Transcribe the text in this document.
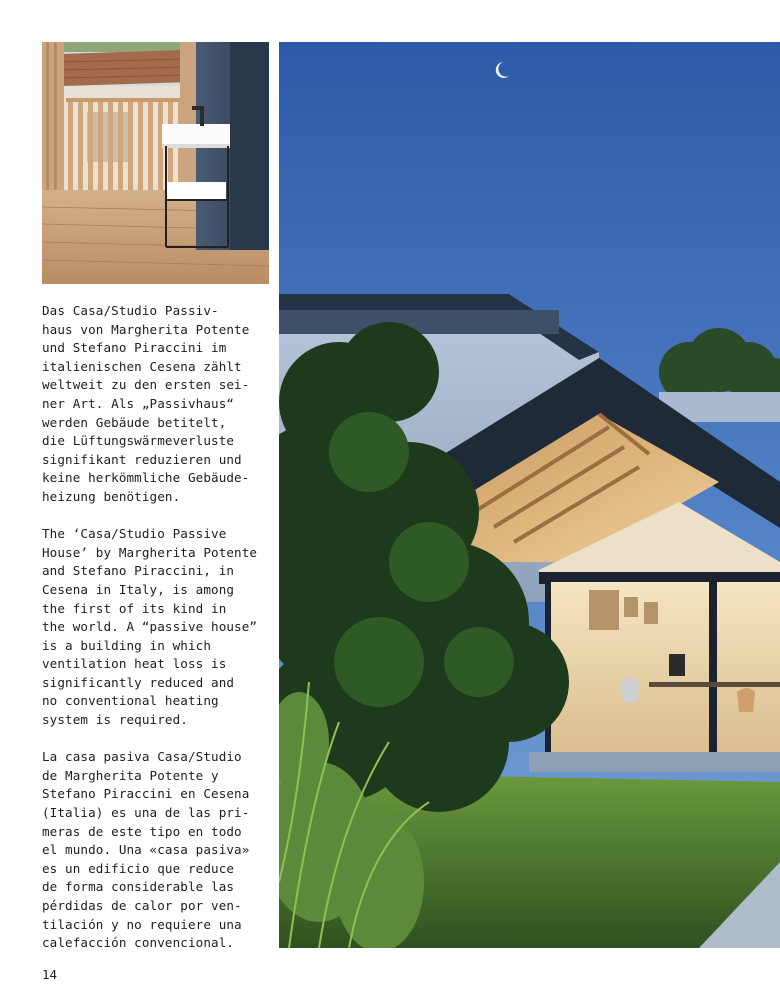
Das Casa/Studio Passiv-
haus von Margherita Potente
und Stefano Piraccini im
italienischen Cesena zählt
weltweit zu den ersten sei-
ner Art. Als „Passivhaus“
werden Gebäude betitelt,
die Lüftungswärmeverluste
signifikant reduzieren und
keine herkömmliche Gebäude-
heizung benötigen.

The ‘Casa/Studio Passive
House’ by Margherita Potente
and Stefano Piraccini, in
Cesena in Italy, is among
the first of its kind in
the world. A “passive house”
is a building in which
ventilation heat loss is
significantly reduced and
no conventional heating
system is required.

La casa pasiva Casa/Studio
de Margherita Potente y
Stefano Piraccini en Cesena
(Italia) es una de las pri-
meras de este tipo en todo
el mundo. Una «casa pasiva»
es un edificio que reduce
de forma considerable las
pérdidas de calor por ven-
tilación y no requiere una
calefacción convencional.

14
